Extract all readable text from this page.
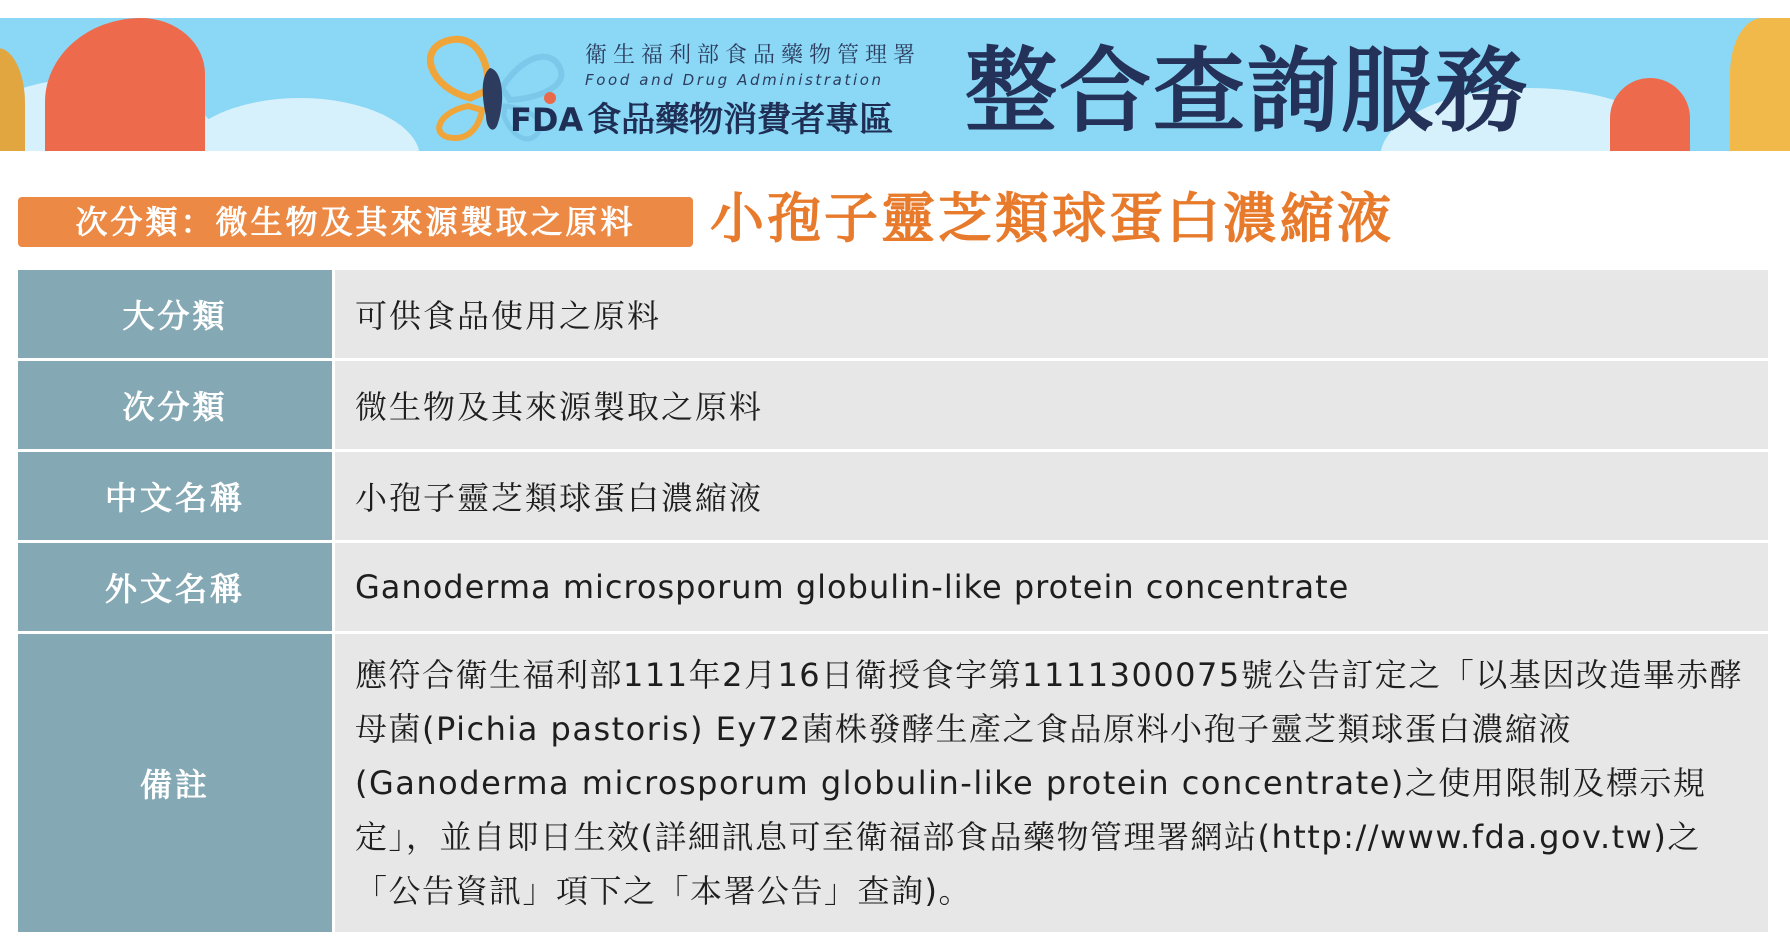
衛生福利部食品藥物管理署
Food and Drug Administration
FDA 食品藥物消費者專區 整合查詢服務
次分類：微生物及其來源製取之原料	小孢子靈芝類球蛋白濃縮液
大分類	可供食品使用之原料
次分類	微生物及其來源製取之原料
中文名稱	小孢子靈芝類球蛋白濃縮液
外文名稱	Ganoderma microsporum globulin-like protein concentrate
備註	應符合衛生福利部111年2月16日衛授食字第1111300075號公告訂定之「以基因改造畢赤酵母菌(Pichia pastoris) Ey72菌株發酵生產之食品原料小孢子靈芝類球蛋白濃縮液(Ganoderma microsporum globulin-like protein concentrate)之使用限制及標示規定」，並自即日生效(詳細訊息可至衛福部食品藥物管理署網站(http://www.fda.gov.tw)之「公告資訊」項下之「本署公告」查詢)。
